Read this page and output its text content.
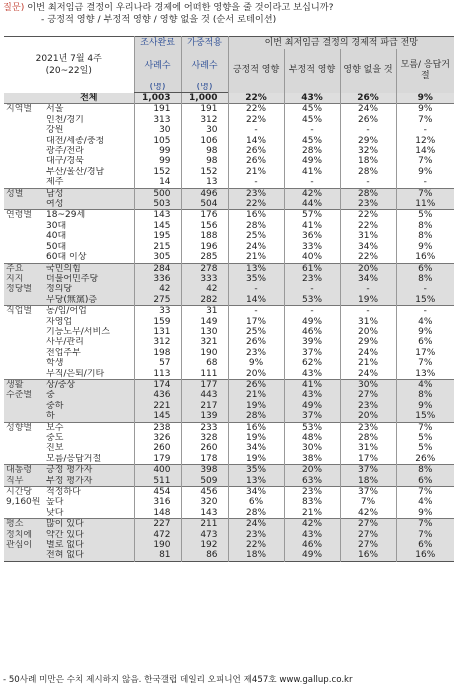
질문) 이번 최저임금 결정이 우리나라 경제에 어떠한 영향을 줄 것이라고 보십니까?
- 긍정적 영향 / 부정적 영향 / 영향 없을 것 (순서 로테이션)
2021년 7월 4주
(20~22일)		조사완료	가중적용	이번 최저임금 결정의 경제적 파급 전망			
		사례수	사례수	긍정적 영향	부정적 영향	영향 없을 것	모름/ 응답거절
		(명)	(명)				
	전체	1,003	1,000	22%	43%	26%	9%
지역별	서울	191	191	22%	45%	24%	9%
	인천/경기	313	312	22%	45%	26%	7%
	강원	30	30	-	-	-	-
	대전/세종/충청	105	106	14%	45%	29%	12%
	광주/전라	99	98	26%	28%	32%	14%
	대구/경북	99	98	26%	49%	18%	7%
	부산/울산/경남	152	152	21%	41%	28%	9%
	제주	14	13	-	-	-	-
성별	남성	500	496	23%	42%	28%	7%
	여성	503	504	22%	44%	23%	11%
연령별	18~29세	143	176	16%	57%	22%	5%
	30대	145	156	28%	41%	22%	8%
	40대	195	188	25%	36%	31%	8%
	50대	215	196	24%	33%	34%	9%
	60대 이상	305	285	21%	40%	22%	16%
주요	국민의힘	284	278	13%	61%	20%	6%
지지	더불어민주당	336	333	35%	23%	34%	8%
정당별	정의당	42	42	-	-	-	-
	무당(無黨)층	275	282	14%	53%	19%	15%
직업별	농/임/어업	33	31	-	-	-	-
	자영업	159	149	17%	49%	31%	4%
	기능노무/서비스	131	130	25%	46%	20%	9%
	사무/관리	312	321	26%	39%	29%	6%
	전업주부	198	190	23%	37%	24%	17%
	학생	57	68	9%	62%	21%	7%
	무직/은퇴/기타	113	111	20%	43%	24%	13%
생활	상/중상	174	177	26%	41%	30%	4%
수준별	중	436	443	21%	43%	27%	8%
	중하	221	217	19%	49%	23%	9%
	하	145	139	28%	37%	20%	15%
성향별	보수	238	233	16%	53%	23%	7%
	중도	326	328	19%	48%	28%	5%
	진보	260	260	34%	30%	31%	5%
	모름/응답거절	179	178	19%	38%	17%	26%
대통령	긍정 평가자	400	398	35%	20%	37%	8%
직무	부정 평가자	511	509	13%	63%	18%	6%
시간당	적정하다	454	456	34%	23%	37%	7%
9,160원	높다	316	320	6%	83%	7%	4%
	낮다	148	143	28%	21%	42%	9%
평소	많이 있다	227	211	24%	42%	27%	7%
정치에	약간 있다	472	473	23%	43%	27%	7%
관심이	별로 없다	190	192	22%	46%	27%	6%
	전혀 없다	81	86	18%	49%	16%	16%
- 50사례 미만은 수치 제시하지 않음. 한국갤럽 데일리 오피니언 제457호 www.gallup.co.kr
